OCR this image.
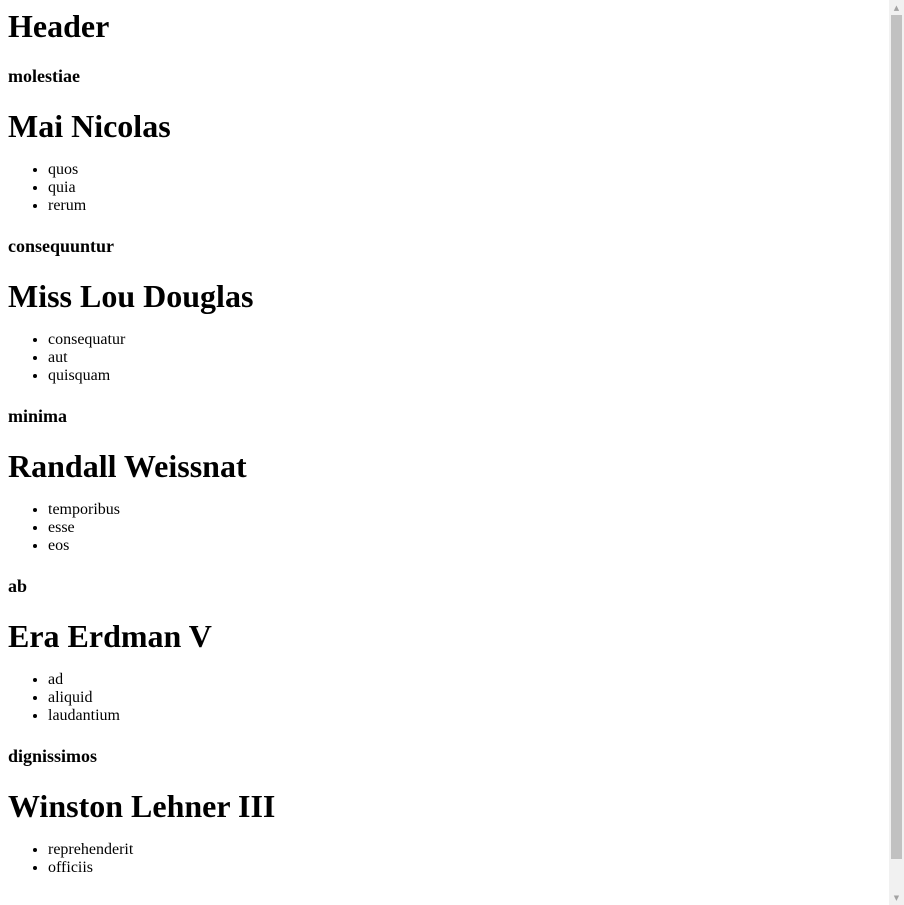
Header
molestiae
Mai Nicolas
• quos
• quia
• rerum
consequuntur
Miss Lou Douglas
• consequatur
• aut
• quisquam
minima
Randall Weissnat
• temporibus
• esse
• eos
ab
Era Erdman V
• ad
• aliquid
• laudantium
dignissimos
Winston Lehner III
• reprehenderit
• officiis
▲
▼
